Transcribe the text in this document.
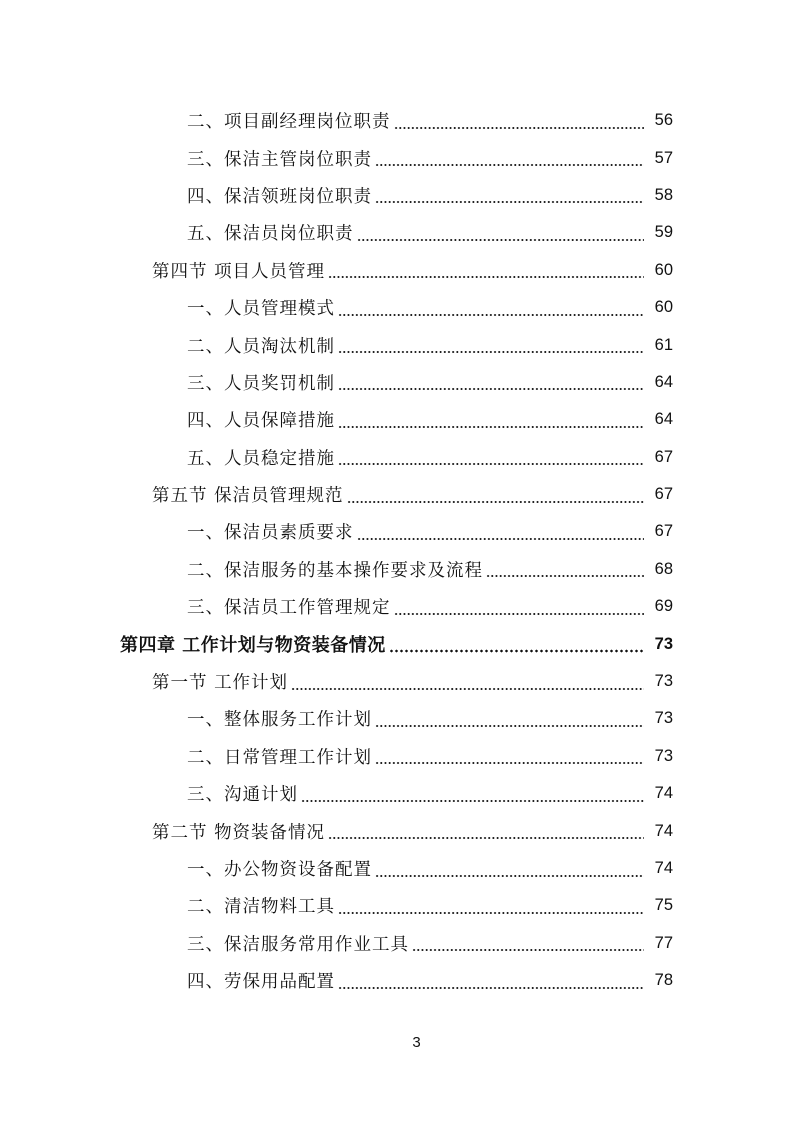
二、项目副经理岗位职责	56
三、保洁主管岗位职责	57
四、保洁领班岗位职责	58
五、保洁员岗位职责	59
第四节 项目人员管理	60
一、人员管理模式	60
二、人员淘汰机制	61
三、人员奖罚机制	64
四、人员保障措施	64
五、人员稳定措施	67
第五节 保洁员管理规范	67
一、保洁员素质要求	67
二、保洁服务的基本操作要求及流程	68
三、保洁员工作管理规定	69
第四章 工作计划与物资装备情况	73
第一节 工作计划	73
一、整体服务工作计划	73
二、日常管理工作计划	73
三、沟通计划	74
第二节 物资装备情况	74
一、办公物资设备配置	74
二、清洁物料工具	75
三、保洁服务常用作业工具	77
四、劳保用品配置	78
3
